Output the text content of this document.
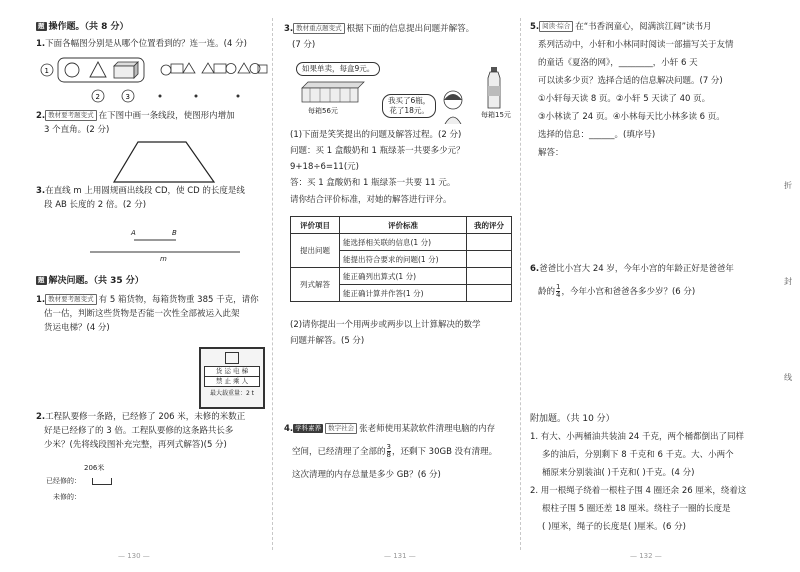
题 操作题。（共 8 分）
1.下面各幅图分别是从哪个位置看到的？连一连。(4 分)
1
2	3
2. 教材要考题变式 在下图中画一条线段，使图形内增加
3 个直角。(2 分)
3.在直线 m 上用圆规画出线段 CD，使 CD 的长度是线
段 AB 长度的 2 倍。(2 分)
A	B
m
题 解决问题。（共 35 分）
1. 教材要考题变式 有 5 箱货物，每箱货物重 385 千克，请你
估一估，判断这些货物是否能一次性全部被运入此架
货运电梯？(4 分)
货 运 电 梯
禁 止 乘 人
最大载重量：2 t
2.工程队要修一条路，已经修了 206 米，未修的米数正
好是已经修了的 3 倍。工程队要修的这条路共长多
少米？(先将线段图补充完整，再列式解答)(5 分)
206米
已经修的：
未修的：
— 130 —
3. 教材重点题变式 根据下面的信息提出问题并解答。
(7 分)
如果单卖，每盒9元。
每箱56元
我买了6瓶，
花了18元。	每箱15元
(1)下面是笑笑提出的问题及解答过程。(2 分)
问题：买 1 盒酸奶和 1 瓶绿茶一共要多少元？
9+18÷6=11(元)
答：买 1 盒酸奶和 1 瓶绿茶一共要 11 元。
请你结合评价标准，对她的解答进行评分。
评价项目	评价标准	我的评分
提出问题	能选择相关联的信息(1 分)	
	能提出符合要求的问题(1 分)	
列式解答	能正确列出算式(1 分)	
	能正确计算并作答(1 分)	
(2)请你提出一个用两步或两步以上计算解决的数学
问题并解答。(5 分)
4. 学科素养 数字社会 张老师使用某款软件清理电脑的内存
空间，已经清理了全部的 $\frac{3}{8}$ ，还剩下 30GB 没有清理。
这次清理的内存总量是多少 GB？(6 分)
— 131 —
5. 阅读·综合 在“书香润童心，阅满滨江阔”读书月
系列活动中，小轩和小林同时阅读一部描写关于友情
的童话《夏洛的网》，________，小轩 6 天
可以读多少页？选择合适的信息解决问题。(7 分)
①小轩每天读 8 页。②小轩 5 天读了 40 页。
③小林读了 24 页。④小林每天比小林多读 6 页。
选择的信息：______。(填序号)
解答：
6.爸爸比小宫大 24 岁，今年小宫的年龄正好是爸爸年
龄的 $\frac{1}{4}$ ，今年小宫和爸爸各多少岁？(6 分)
附加题。（共 10 分）
1. 有大、小两桶油共装油 24 千克，两个桶都倒出了同样
多的油后，分别剩下 8 千克和 6 千克。大、小两个
桶原来分别装油( )千克和( )千克。(4 分)
2. 用一根绳子绕着一根柱子围 4 圈还余 26 厘米，绕着这
根柱子围 5 圈还差 18 厘米。绕柱子一圈的长度是
( )厘米，绳子的长度是( )厘米。(6 分)
— 132 —
折
封
线
